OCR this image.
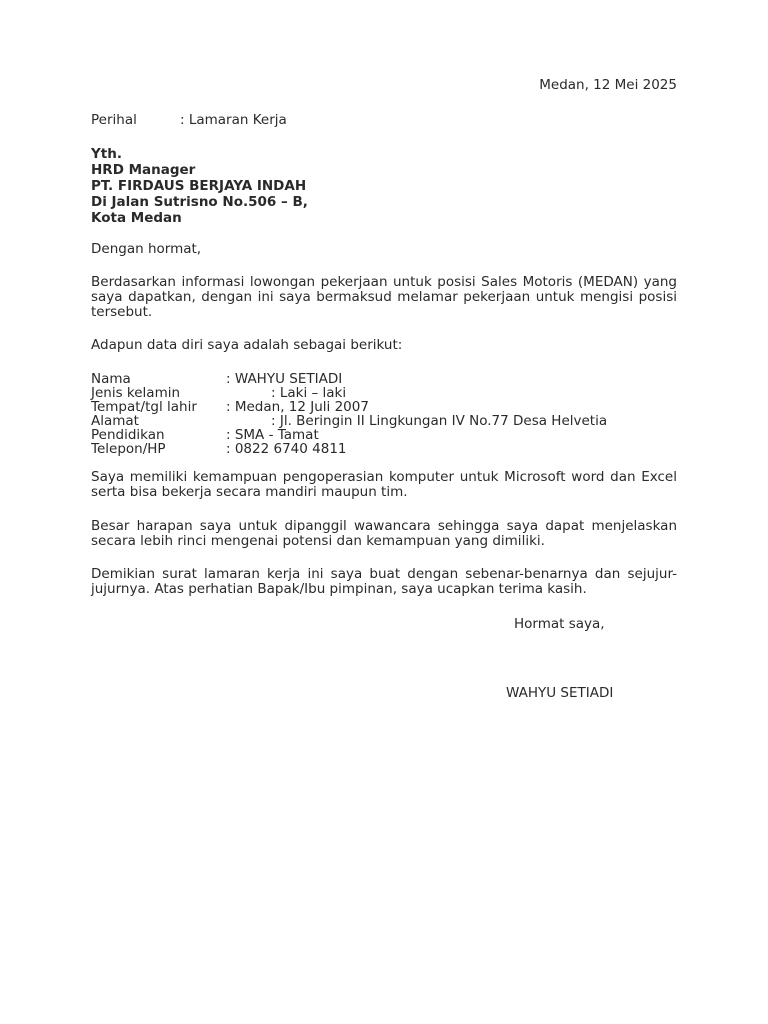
Medan, 12 Mei 2025
Perihal	: Lamaran Kerja
Yth.
HRD Manager
PT. FIRDAUS BERJAYA INDAH
Di Jalan Sutrisno No.506 – B,
Kota Medan
Dengan hormat,
Berdasarkan informasi lowongan pekerjaan untuk posisi Sales Motoris (MEDAN) yang saya dapatkan, dengan ini saya bermaksud melamar pekerjaan untuk mengisi posisi tersebut.
Adapun data diri saya adalah sebagai berikut:
Nama	: WAHYU SETIADI
Jenis kelamin	: Laki – laki
Tempat/tgl lahir : Medan, 12 Juli 2007
Alamat	: Jl. Beringin II Lingkungan IV No.77 Desa Helvetia
Pendidikan	: SMA - Tamat
Telepon/HP	: 0822 6740 4811
Saya memiliki kemampuan pengoperasian komputer untuk Microsoft word dan Excel serta bisa bekerja secara mandiri maupun tim.
Besar harapan saya untuk dipanggil wawancara sehingga saya dapat menjelaskan secara lebih rinci mengenai potensi dan kemampuan yang dimiliki.
Demikian surat lamaran kerja ini saya buat dengan sebenar-benarnya dan sejujur-jujurnya. Atas perhatian Bapak/Ibu pimpinan, saya ucapkan terima kasih.
Hormat saya,
WAHYU SETIADI
